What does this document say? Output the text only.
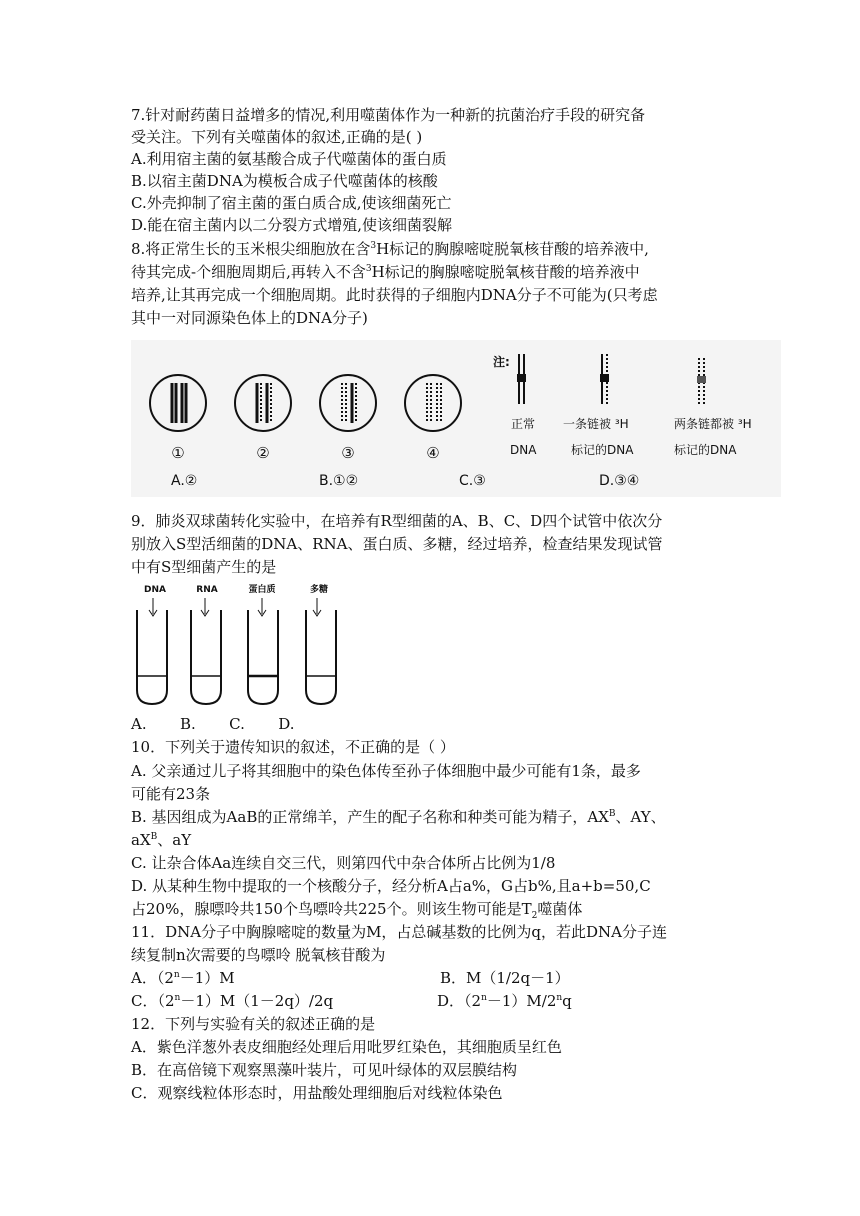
7.针对耐药菌日益增多的情况,利用噬菌体作为一种新的抗菌治疗手段的研究备
受关注。下列有关噬菌体的叙述,正确的是( )
A.利用宿主菌的氨基酸合成子代噬菌体的蛋白质
B.以宿主菌DNA为模板合成子代噬菌体的核酸
C.外壳抑制了宿主菌的蛋白质合成,使该细菌死亡
D.能在宿主菌内以二分裂方式增殖,使该细菌裂解
8.将正常生长的玉米根尖细胞放在含$^3$H标记的胸腺嘧啶脱氧核苷酸的培养液中,
待其完成-个细胞周期后,再转入不含$^3$H标记的胸腺嘧啶脱氧核苷酸的培养液中
培养,让其再完成一个细胞周期。此时获得的子细胞内DNA分子不可能为(只考虑
其中一对同源染色体上的DNA分子)
①	②	③	④
A.②	B.①②	C.③	D.③④
注:
正常
DNA
一条链被 ³H
标记的DNA
两条链都被 ³H
标记的DNA
9．肺炎双球菌转化实验中，在培养有R型细菌的A、B、C、D四个试管中依次分
别放入S型活细菌的DNA、RNA、蛋白质、多糖，经过培养，检查结果发现试管
中有S型细菌产生的是
DNA	RNA	蛋白质	多糖
A.       B.       C.       D.
10．下列关于遗传知识的叙述，不正确的是（ ）
A. 父亲通过儿子将其细胞中的染色体传至孙子体细胞中最少可能有1条，最多
可能有23条
B. 基因组成为AaB的正常绵羊，产生的配子名称和种类可能为精子，$AX^B$、AY、
$aX^B$、aY
C. 让杂合体Aa连续自交三代，则第四代中杂合体所占比例为1/8
D. 从某种生物中提取的一个核酸分子，经分析A占a%，G占b%,且a+b=50,C
占20%，腺嘌呤共150个鸟嘌呤共225个。则该生物可能是$T_2$噬菌体
11．DNA分子中胸腺嘧啶的数量为M，占总碱基数的比例为q，若此DNA分子连
续复制n次需要的鸟嘌呤 脱氧核苷酸为
A．$(2^n-1)M$	B．M（1/2q－1）
C．$(2^n-1)M(1-2q)/2q$	D．$(2^n-1)M/2^nq$
12．下列与实验有关的叙述正确的是
A．紫色洋葱外表皮细胞经处理后用吡罗红染色，其细胞质呈红色
B．在高倍镜下观察黑藻叶装片，可见叶绿体的双层膜结构
C．观察线粒体形态时，用盐酸处理细胞后对线粒体染色
